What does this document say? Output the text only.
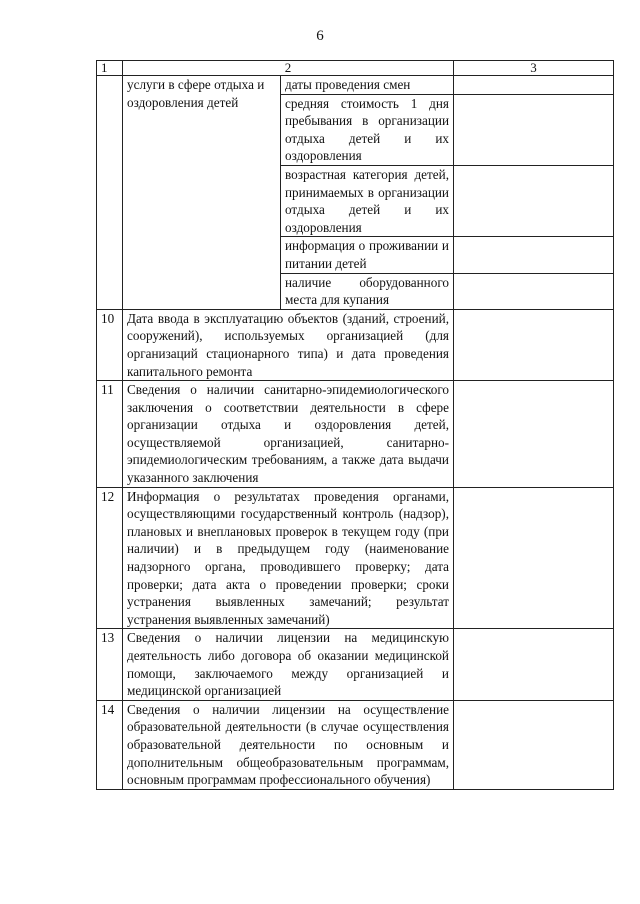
6
1	2		3
	услуги в сфере отдыха и оздоровления детей	даты проведения смен	
		средняя стоимость 1 дня пребывания в организации отдыха детей и их оздоровления	
		возрастная категория детей, принимаемых в организации отдыха детей и их оздоровления	
		информация о проживании и питании детей	
		наличие оборудованного места для купания	
10	Дата ввода в эксплуатацию объектов (зданий, строений, сооружений), используемых организацией (для организаций стационарного типа) и дата проведения капитального ремонта		
11	Сведения о наличии санитарно-эпидемиологического заключения о соответствии деятельности в сфере организации отдыха и оздоровления детей, осуществляемой организацией, санитарно-эпидемиологическим требованиям, а также дата выдачи указанного заключения		
12	Информация о результатах проведения органами, осуществляющими государственный контроль (надзор), плановых и внеплановых проверок в текущем году (при наличии) и в предыдущем году (наименование надзорного органа, проводившего проверку; дата проверки; дата акта о проведении проверки; сроки устранения выявленных замечаний; результат устранения выявленных замечаний)		
13	Сведения о наличии лицензии на медицинскую деятельность либо договора об оказании медицинской помощи, заключаемого между организацией и медицинской организацией		
14	Сведения о наличии лицензии на осуществление образовательной деятельности (в случае осуществления образовательной деятельности по основным и дополнительным общеобразовательным программам, основным программам профессионального обучения)		
